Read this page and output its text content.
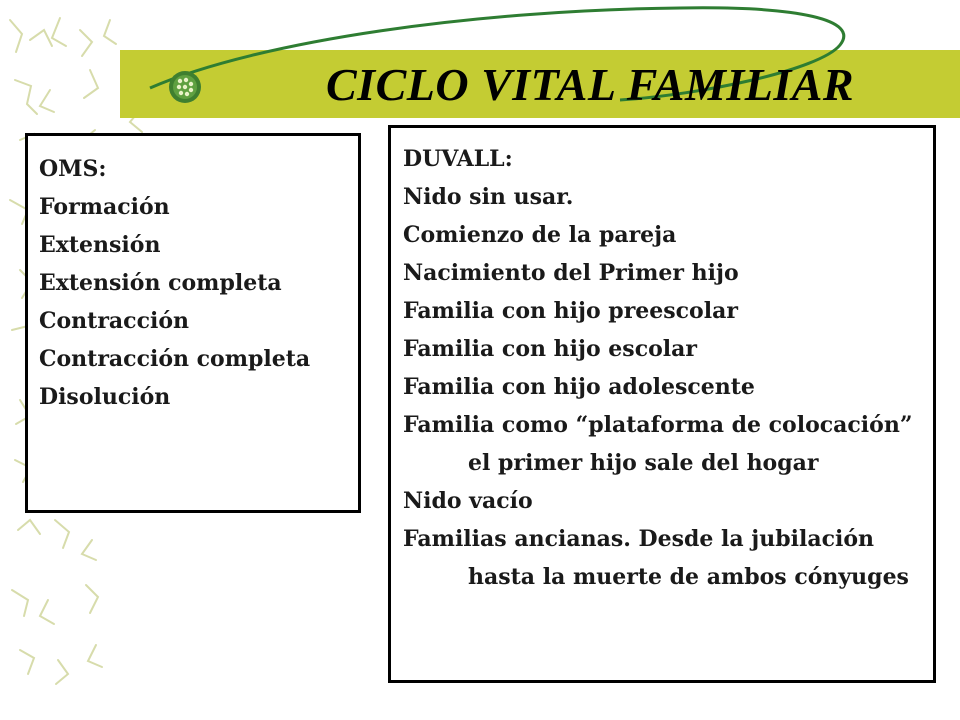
CICLO VITAL FAMILIAR
OMS:
Formación
Extensión
Extensión completa
Contracción
Contracción completa
Disolución
DUVALL:
Nido sin usar.
Comienzo de la pareja
Nacimiento del Primer hijo
Familia con hijo preescolar
Familia con hijo escolar
Familia con hijo adolescente
Familia como “plataforma de colocación” el primer hijo sale del hogar
Nido vacío
Familias ancianas. Desde la jubilación hasta la muerte de ambos cónyuges
